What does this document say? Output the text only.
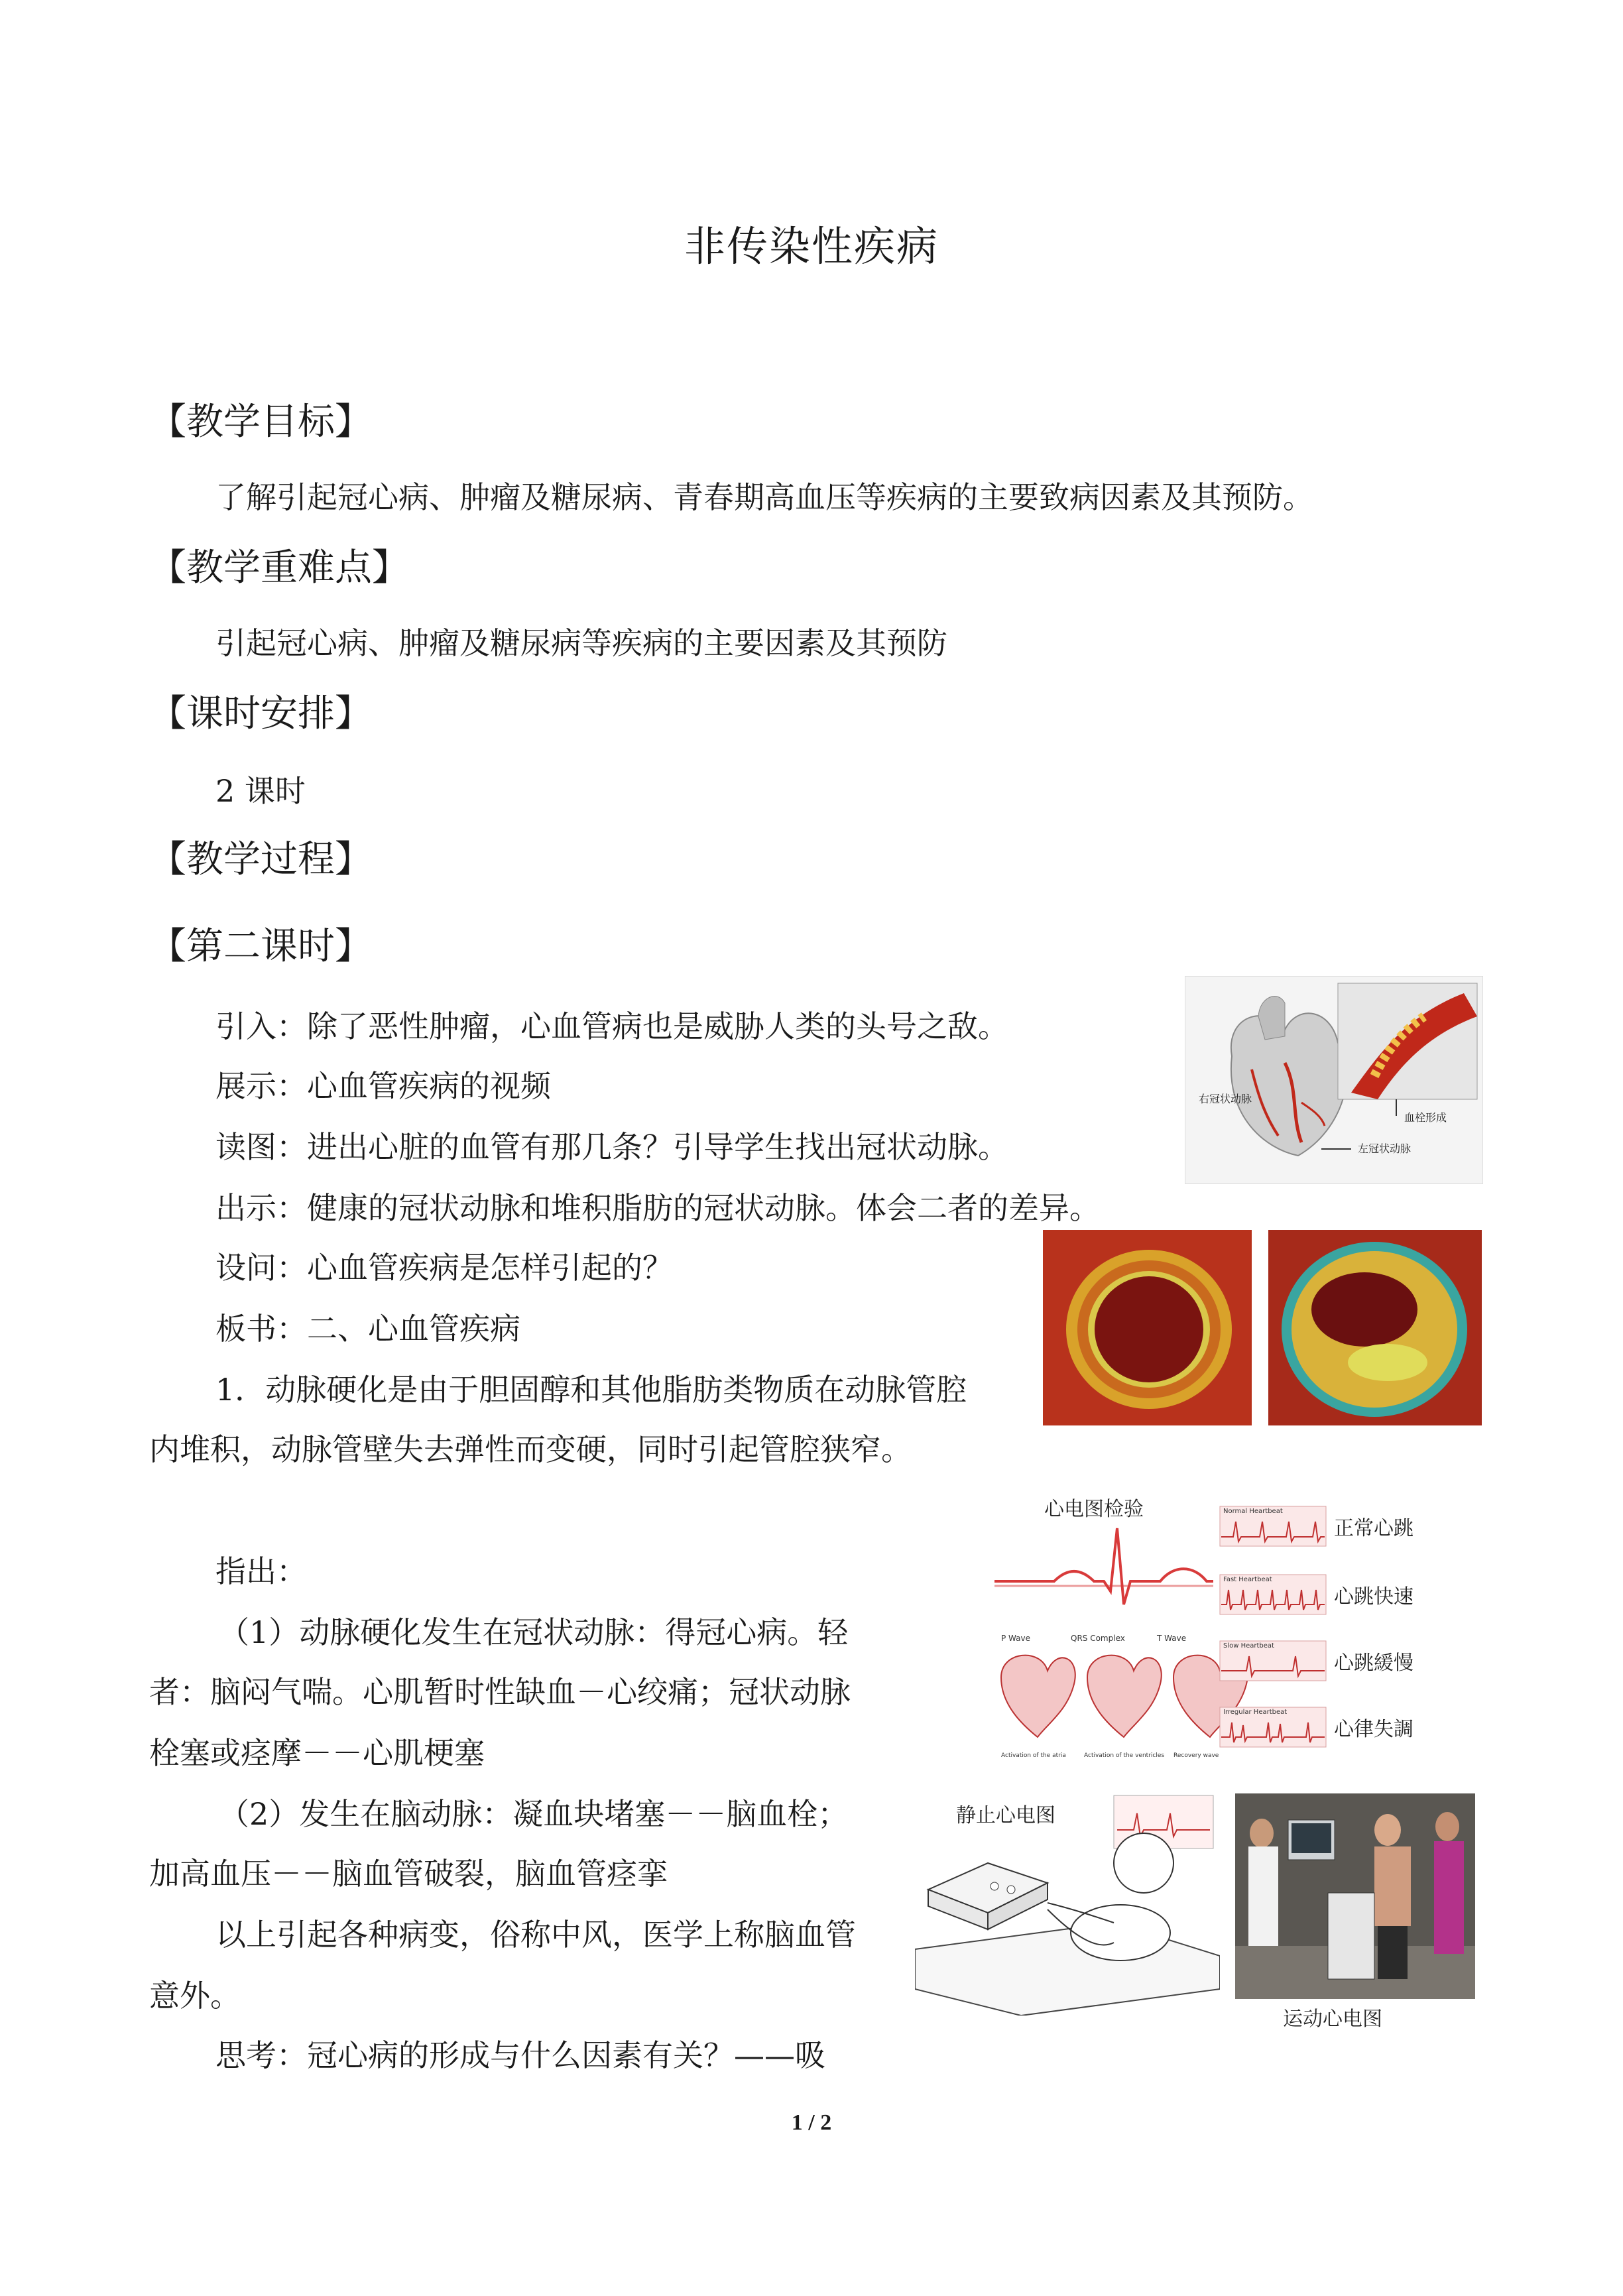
非传染性疾病
【教学目标】
了解引起冠心病、肿瘤及糖尿病、青春期高血压等疾病的主要致病因素及其预防。
【教学重难点】
引起冠心病、肿瘤及糖尿病等疾病的主要因素及其预防
【课时安排】
2 课时
【教学过程】
【第二课时】
引入：除了恶性肿瘤，心血管病也是威胁人类的头号之敌。
展示：心血管疾病的视频
读图：进出心脏的血管有那几条？引导学生找出冠状动脉。
出示：健康的冠状动脉和堆积脂肪的冠状动脉。体会二者的差异。
设问：心血管疾病是怎样引起的？
板书：二、心血管疾病
1．动脉硬化是由于胆固醇和其他脂肪类物质在动脉管腔
内堆积，动脉管壁失去弹性而变硬，同时引起管腔狭窄。
指出：
（1）动脉硬化发生在冠状动脉：得冠心病。轻
者：脑闷气喘。心肌暂时性缺血－心绞痛；冠状动脉
栓塞或痉摩－－心肌梗塞
（2）发生在脑动脉：凝血块堵塞－－脑血栓；
加高血压－－脑血管破裂，脑血管痉挛
以上引起各种病变，俗称中风，医学上称脑血管
意外。
思考：冠心病的形成与什么因素有关？——吸
1 / 2
右冠状动脉
血栓形成
左冠状动脉
心电图检验
P Wave	QRS Complex	T Wave
Activation of the atria	Activation of the ventricles Recovery wave
Normal Heartbeat
正常心跳
Fast Heartbeat
心跳快速
Slow Heartbeat
心跳緩慢
Irregular Heartbeat
心律失調
静止心电图
运动心电图
